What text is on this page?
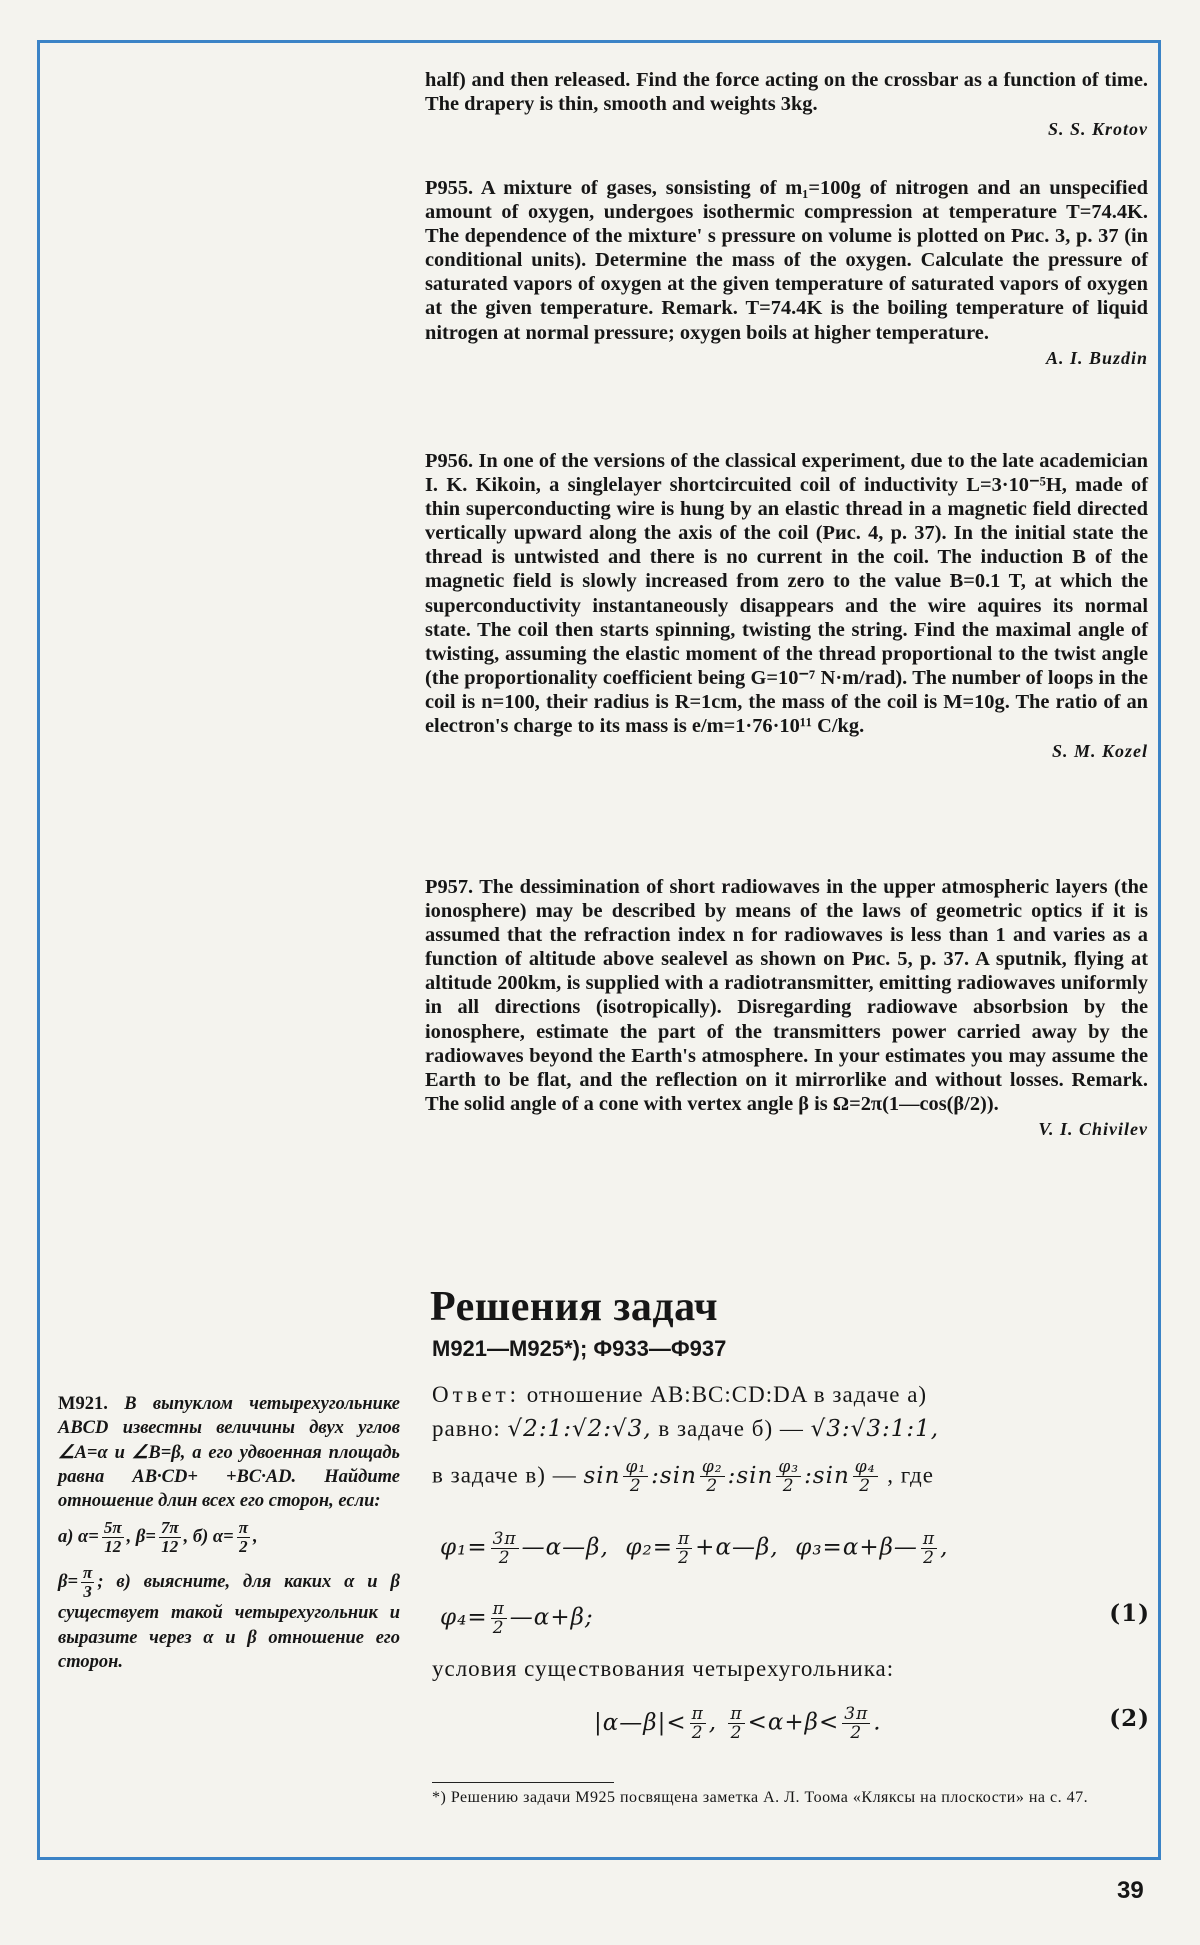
half) and then released. Find the force acting on the crossbar as a function of time. The drapery is thin, smooth and weights 3kg.

S. S. Krotov

P955. A mixture of gases, sonsisting of m₁=100g of nitrogen and an unspecified amount of oxygen, undergoes isothermic compression at temperature T=74.4K. The dependence of the mixture' s pressure on volume is plotted on Рис. 3, p. 37 (in conditional units). Determine the mass of the oxygen. Calculate the pressure of saturated vapors of oxygen at the given temperature of saturated vapors of oxygen at the given temperature. Remark. T=74.4K is the boiling temperature of liquid nitrogen at normal pressure; oxygen boils at higher temperature.

A. I. Buzdin

P956. In one of the versions of the classical experiment, due to the late academician I. K. Kikoin, a singlelayer shortcircuited coil of inductivity L=3·10⁻⁵H, made of thin superconducting wire is hung by an elastic thread in a magnetic field directed vertically upward along the axis of the coil (Рис. 4, p. 37). In the initial state the thread is untwisted and there is no current in the coil. The induction B of the magnetic field is slowly increased from zero to the value B=0.1 T, at which the superconductivity instantaneously disappears and the wire aquires its normal state. The coil then starts spinning, twisting the string. Find the maximal angle of twisting, assuming the elastic moment of the thread proportional to the twist angle (the proportionality coefficient being G=10⁻⁷ N·m/rad). The number of loops in the coil is n=100, their radius is R=1cm, the mass of the coil is M=10g. The ratio of an electron's charge to its mass is e/m=1·76·10¹¹ C/kg.

S. M. Kozel

P957. The dessimination of short radiowaves in the upper atmospheric layers (the ionosphere) may be described by means of the laws of geometric optics if it is assumed that the refraction index n for radiowaves is less than 1 and varies as a function of altitude above sealevel as shown on Рис. 5, p. 37. A sputnik, flying at altitude 200km, is supplied with a radiotransmitter, emitting radiowaves uniformly in all directions (isotropically). Disregarding radiowave absorbsion by the ionosphere, estimate the part of the transmitters power carried away by the radiowaves beyond the Earth's atmosphere. In your estimates you may assume the Earth to be flat, and the reflection on it mirrorlike and without losses. Remark. The solid angle of a cone with vertex angle β is Ω=2π(1—cos(β/2)).

V. I. Chivilev
Решения задач
М921—М925*); Ф933—Ф937
М921. В выпуклом четырехугольнике ABCD известны величины двух углов ∠A=α и ∠B=β, а его удвоенная площадь равна AB·CD+ +BC·AD. Найдите отношение длин всех его сторон, если:
а) $\alpha= \frac{5\pi}{12}$ , $\beta= \frac{7\pi}{12}$ , б) $\alpha= \frac{\pi}{2}$ ,
$\beta= \frac{\pi}{3}$ ; в) выясните, для каких α и β существует такой четырехугольник и выразите через α и β отношение его сторон.
Ответ: отношение AB:BC:CD:DA в задаче а)
равно: √2:1:√2:√3, в задаче б) — √3:√3:1:1,
в задаче в) — $\sin \frac{\text{φ₁}}{2}$ :sin $\frac{\text{φ₂}}{2}$ :sin $\frac{\text{φ₃}}{2}$ :sin $\frac{\text{φ₄}}{2}$ , где
$\varphi_1= \frac{3\pi}{2}$ —α—β, $\varphi_2= \frac{\pi}{2}$ +α—β, φ₃=α+β— $\frac{\pi}{2}$ ,
$\varphi_4= \frac{\pi}{2}$ —α+β;	(1)
условия существования четырехугольника:
|α—β|< $\frac{\pi}{2}$ , $\frac{\pi}{2} <\alpha+\beta< \frac{3\pi}{2}$ .	(2)
*) Решению задачи М925 посвящена заметка А. Л. Тоома «Кляксы на плоскости» на с. 47.
39
